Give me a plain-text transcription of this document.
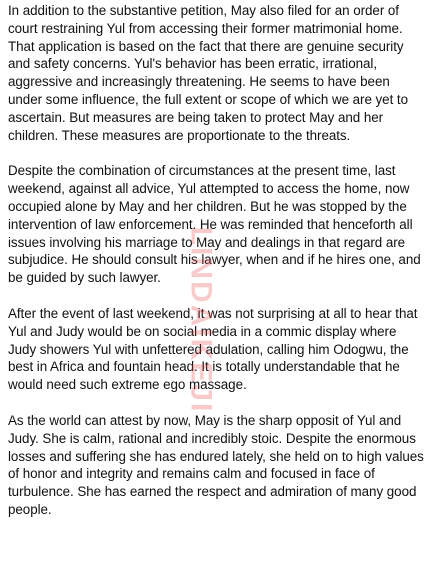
In addition to the substantive petition, May also filed for an order of court restraining Yul from accessing their former matrimonial home. That application is based on the fact that there are genuine security and safety concerns. Yul's behavior has been erratic, irrational, aggressive and increasingly threatening. He seems to have been under some influence, the full extent or scope of which we are yet to ascertain. But measures are being taken to protect May and her children. These measures are proportionate to the threats.

Despite the combination of circumstances at the present time, last weekend, against all advice, Yul attempted to access the home, now occupied alone by May and her children. But he was stopped by the intervention of law enforcement. He was reminded that henceforth all issues involving his marriage to May and dealings in that regard are subjudice. He should consult his lawyer, when and if he hires one, and be guided by such lawyer.

After the event of last weekend, it was not surprising at all to hear that Yul and Judy would be on social media in a commic display where Judy showers Yul with unfettered adulation, calling him Odogwu, the best in Africa and fountain head. It is totally understandable that he would need such extreme ego massage.

As the world can attest by now, May is the sharp opposit of Yul and Judy. She is calm, rational and incredibly stoic. Despite the enormous losses and suffering she has endured lately, she held on to high values of honor and integrity and remains calm and focused in face of turbulence. She has earned the respect and admiration of many good people.

LINDAIKEJI
